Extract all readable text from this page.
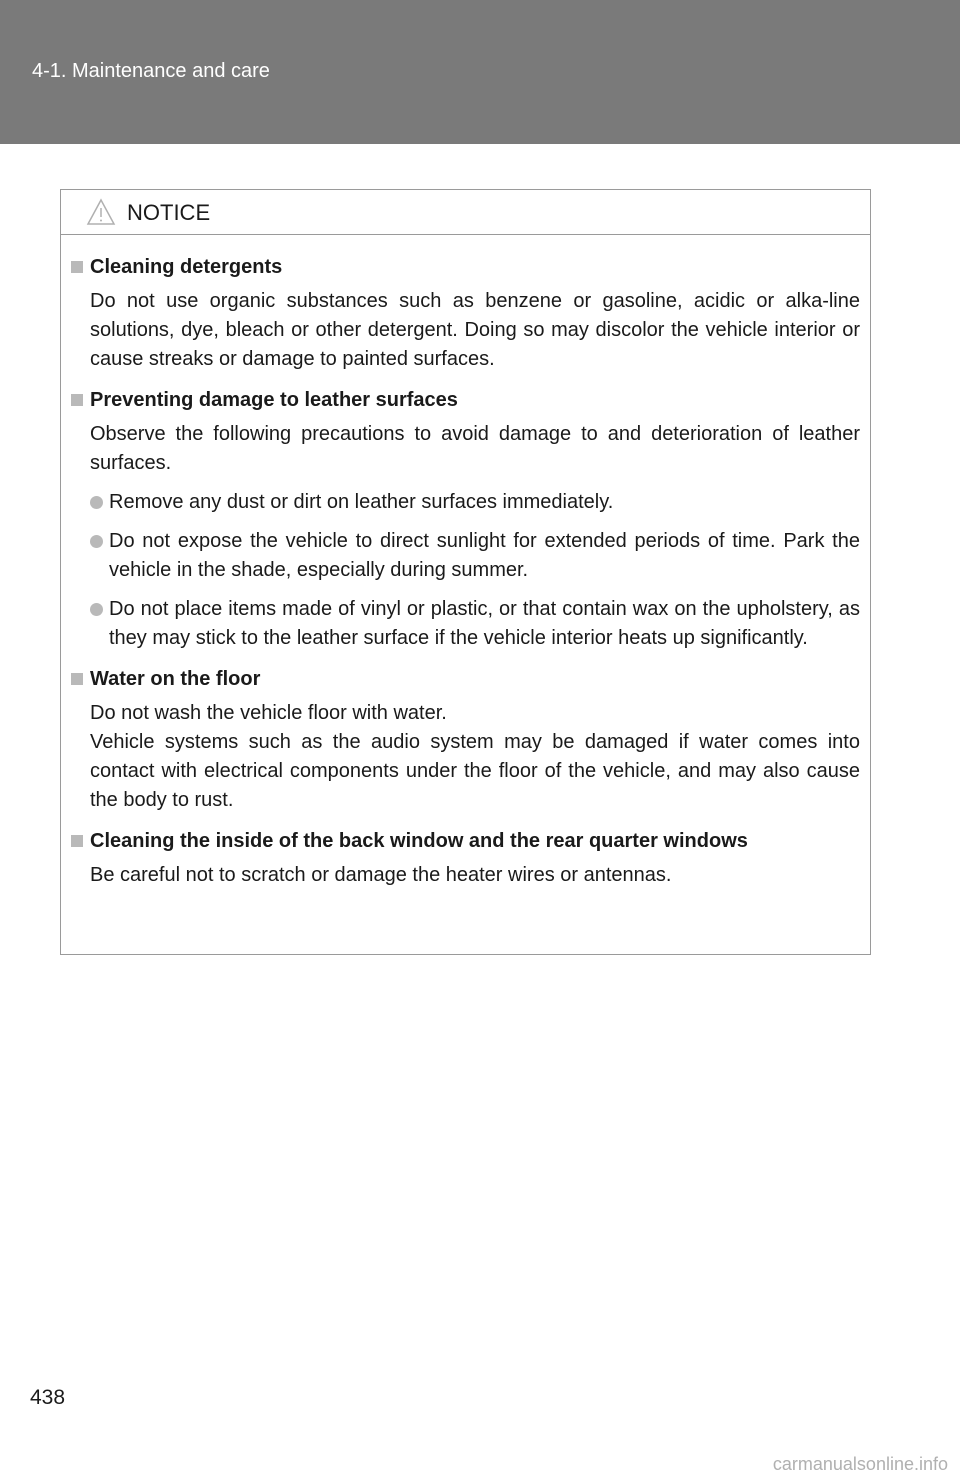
4-1. Maintenance and care
NOTICE
Cleaning detergents
Do not use organic substances such as benzene or gasoline, acidic or alka-line solutions, dye, bleach or other detergent. Doing so may discolor the vehicle interior or cause streaks or damage to painted surfaces.
Preventing damage to leather surfaces
Observe the following precautions to avoid damage to and deterioration of leather surfaces.
Remove any dust or dirt on leather surfaces immediately.
Do not expose the vehicle to direct sunlight for extended periods of time. Park the vehicle in the shade, especially during summer.
Do not place items made of vinyl or plastic, or that contain wax on the upholstery, as they may stick to the leather surface if the vehicle interior heats up significantly.
Water on the floor
Do not wash the vehicle floor with water.
Vehicle systems such as the audio system may be damaged if water comes into contact with electrical components under the floor of the vehicle, and may also cause the body to rust.
Cleaning the inside of the back window and the rear quarter windows
Be careful not to scratch or damage the heater wires or antennas.
438
carmanualsonline.info
